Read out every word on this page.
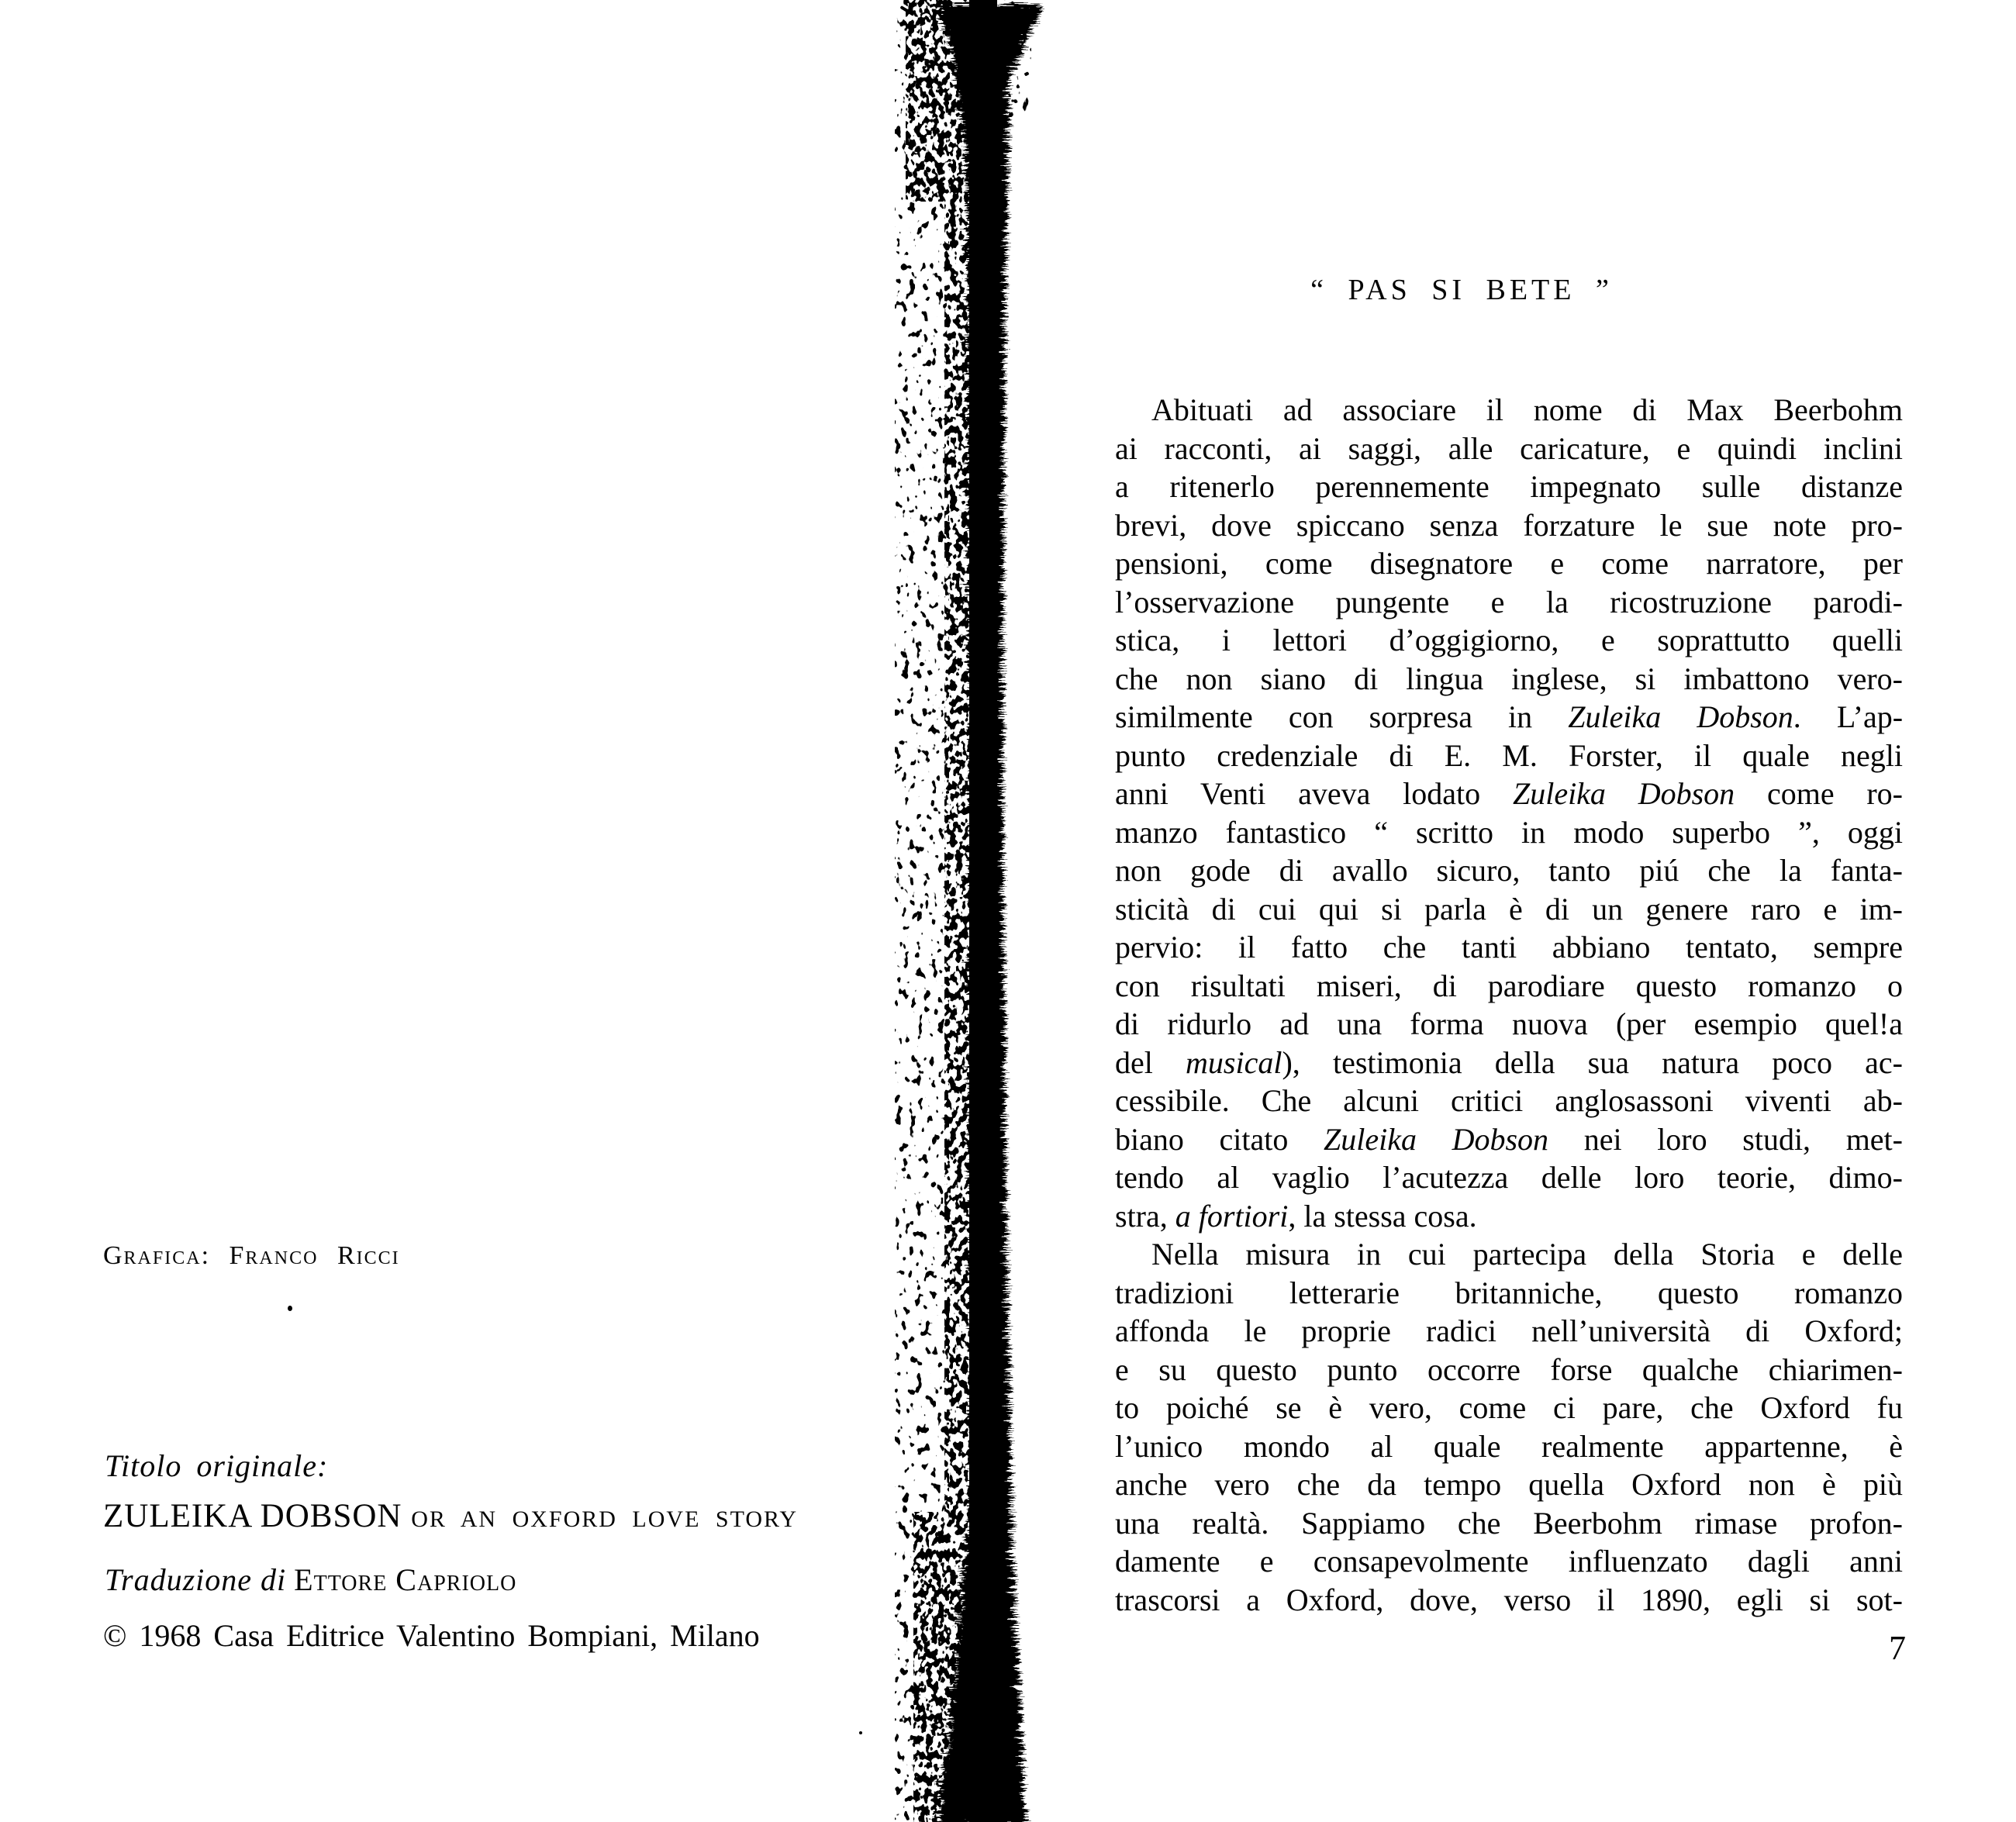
Grafica: Franco Ricci
Titolo originale:
ZULEIKA DOBSON OR AN OXFORD LOVE STORY
Traduzione di Ettore Capriolo
© 1968 Casa Editrice Valentino Bompiani, Milano
“ PAS SI BETE ”
Abituati ad associare il nome di Max Beerbohm
ai racconti, ai saggi, alle caricature, e quindi inclini
a ritenerlo perennemente impegnato sulle distanze
brevi, dove spiccano senza forzature le sue note pro-
pensioni, come disegnatore e come narratore, per
l’osservazione pungente e la ricostruzione parodi-
stica, i lettori d’oggigiorno, e soprattutto quelli
che non siano di lingua inglese, si imbattono vero-
similmente con sorpresa in Zuleika Dobson. L’ap-
punto credenziale di E. M. Forster, il quale negli
anni Venti aveva lodato Zuleika Dobson come ro-
manzo fantastico “ scritto in modo superbo ”, oggi
non gode di avallo sicuro, tanto piú che la fanta-
sticità di cui qui si parla è di un genere raro e im-
pervio: il fatto che tanti abbiano tentato, sempre
con risultati miseri, di parodiare questo romanzo o
di ridurlo ad una forma nuova (per esempio quel!a
del musical), testimonia della sua natura poco ac-
cessibile. Che alcuni critici anglosassoni viventi ab-
biano citato Zuleika Dobson nei loro studi, met-
tendo al vaglio l’acutezza delle loro teorie, dimo-
stra, a fortiori, la stessa cosa.
Nella misura in cui partecipa della Storia e delle
tradizioni letterarie britanniche, questo romanzo
affonda le proprie radici nell’università di Oxford;
e su questo punto occorre forse qualche chiarimen-
to poiché se è vero, come ci pare, che Oxford fu
l’unico mondo al quale realmente appartenne, è
anche vero che da tempo quella Oxford non è più
una realtà. Sappiamo che Beerbohm rimase profon-
damente e consapevolmente influenzato dagli anni
trascorsi a Oxford, dove, verso il 1890, egli si sot-
7
